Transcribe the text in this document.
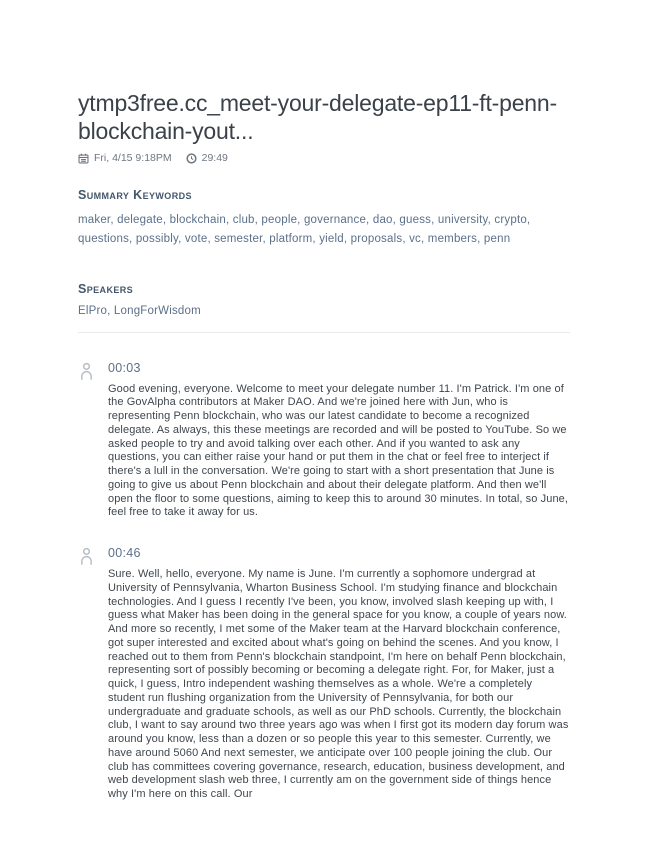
ytmp3free.cc_meet-your-delegate-ep11-ft-penn-blockchain-yout...
Fri, 4/15 9:18PM	29:49
Summary Keywords

maker, delegate, blockchain, club, people, governance, dao, guess, university, crypto, questions, possibly, vote, semester, platform, yield, proposals, vc, members, penn

Speakers

ElPro, LongForWisdom

00:03

Good evening, everyone. Welcome to meet your delegate number 11. I'm Patrick. I'm one of the GovAlpha contributors at Maker DAO. And we're joined here with Jun, who is representing Penn blockchain, who was our latest candidate to become a recognized delegate. As always, this these meetings are recorded and will be posted to YouTube. So we asked people to try and avoid talking over each other. And if you wanted to ask any questions, you can either raise your hand or put them in the chat or feel free to interject if there's a lull in the conversation. We're going to start with a short presentation that June is going to give us about Penn blockchain and about their delegate platform. And then we'll open the floor to some questions, aiming to keep this to around 30 minutes. In total, so June, feel free to take it away for us.

00:46

Sure. Well, hello, everyone. My name is June. I'm currently a sophomore undergrad at University of Pennsylvania, Wharton Business School. I'm studying finance and blockchain technologies. And I guess I recently I've been, you know, involved slash keeping up with, I guess what Maker has been doing in the general space for you know, a couple of years now. And more so recently, I met some of the Maker team at the Harvard blockchain conference, got super interested and excited about what's going on behind the scenes. And you know, I reached out to them from Penn's blockchain standpoint, I'm here on behalf Penn blockchain, representing sort of possibly becoming or becoming a delegate right. For, for Maker, just a quick, I guess, Intro independent washing themselves as a whole. We're a completely student run flushing organization from the University of Pennsylvania, for both our undergraduate and graduate schools, as well as our PhD schools. Currently, the blockchain club, I want to say around two three years ago was when I first got its modern day forum was around you know, less than a dozen or so people this year to this semester. Currently, we have around 5060 And next semester, we anticipate over 100 people joining the club. Our club has committees covering governance, research, education, business development, and web development slash web three, I currently am on the government side of things hence why I'm here on this call. Our
